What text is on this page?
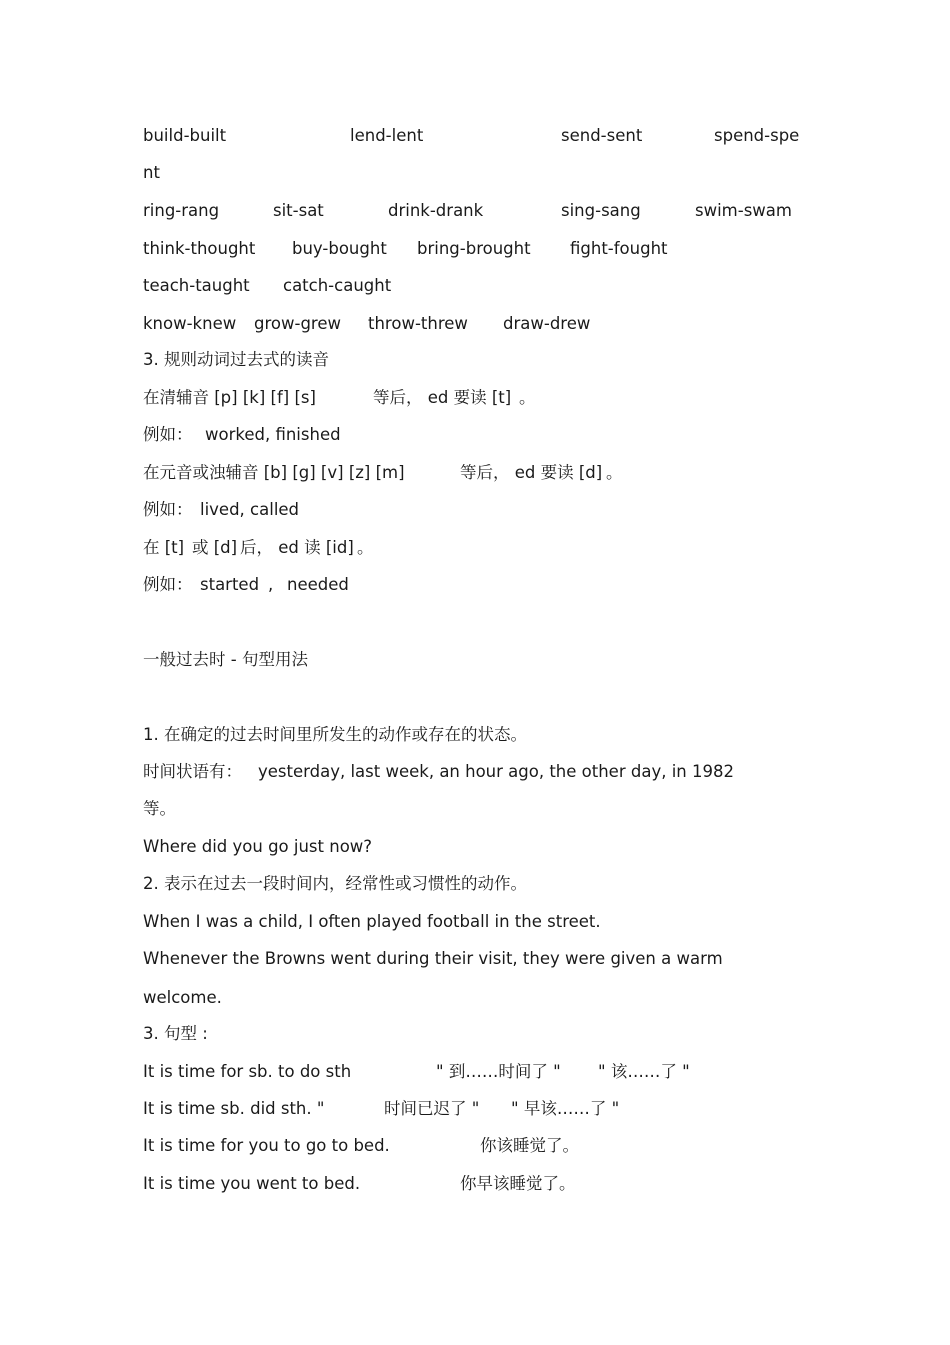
build-built	lend-lent	send-sent	spend-spe
nt
ring-rang	sit-sat	drink-drank	sing-sang	swim-swam
think-thought buy-bought bring-brought fight-fought
teach-taught catch-caught
know-knew grow-grew throw-threw draw-drew
3. 规则动词过去式的读音
在清辅音 [p] [k] [f] [s]	等后， ed 要读 [t] 。
例如： worked, finished
在元音或浊辅音 [b] [g] [v] [z] [m]	等后， ed 要读 [d] 。
例如： lived, called
在 [t] 或 [d] 后， ed 读 [id] 。
例如： started , needed
一般过去时 - 句型用法
1. 在确定的过去时间里所发生的动作或存在的状态。
时间状语有： yesterday, last week, an hour ago, the other day, in 1982
等。
Where did you go just now?
2. 表示在过去一段时间内，经常性或习惯性的动作。
When I was a child, I often played football in the street.
Whenever the Browns went during their visit, they were given a warm
welcome.
3. 句型 :
It is time for sb. to do sth	" 到……时间了 " " 该……了 "
It is time sb. did sth. "	时间已迟了 " " 早该……了 "
It is time for you to go to bed.	你该睡觉了。
It is time you went to bed.	你早该睡觉了。
